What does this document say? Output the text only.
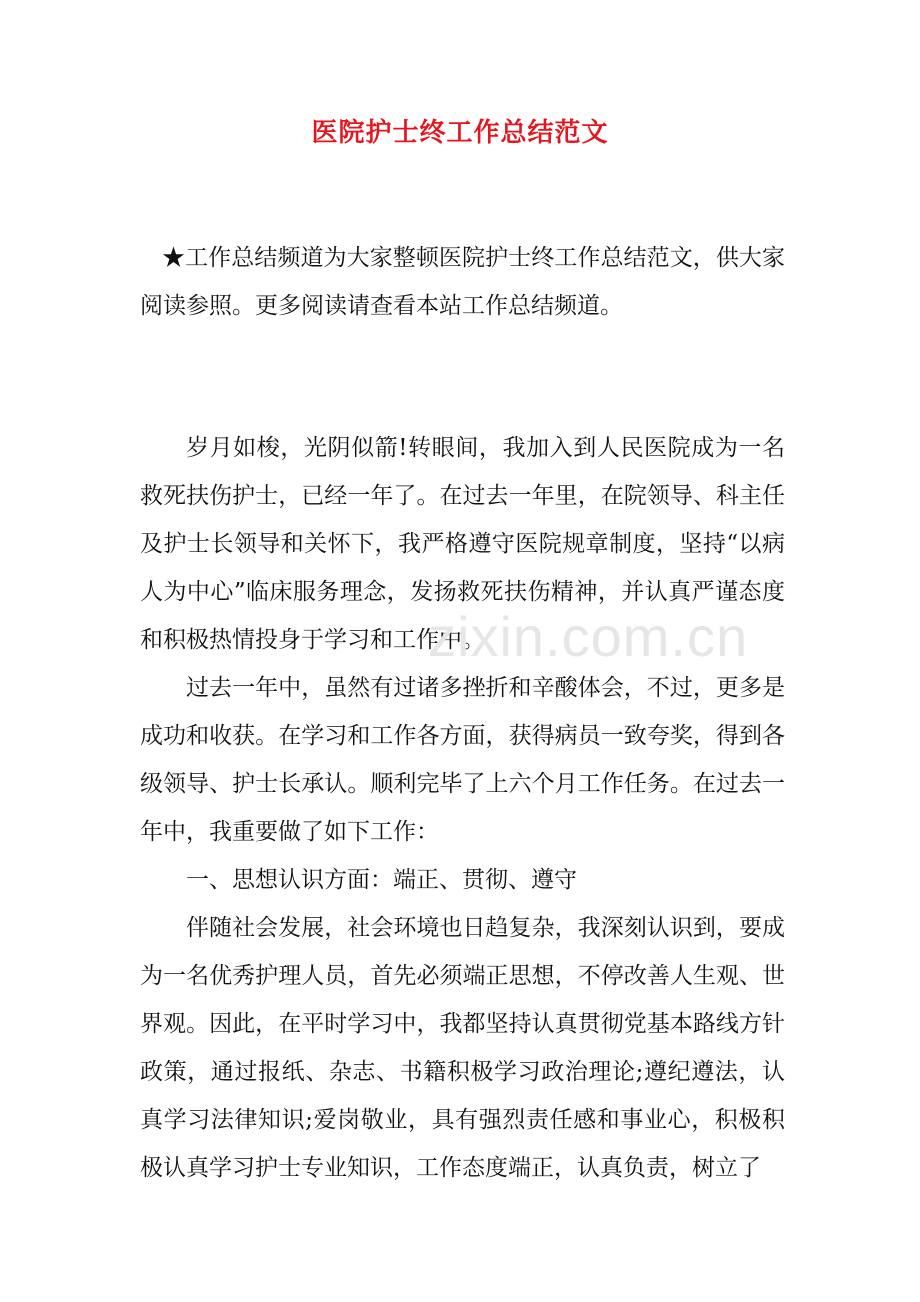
医院护士终工作总结范文
★工作总结频道为大家整顿医院护士终工作总结范文，供大家阅读参照。更多阅读请查看本站工作总结频道。

岁月如梭，光阴似箭!转眼间，我加入到人民医院成为一名救死扶伤护士，已经一年了。在过去一年里，在院领导、科主任及护士长领导和关怀下，我严格遵守医院规章制度，坚持“以病人为中心”临床服务理念，发扬救死扶伤精神，并认真严谨态度和积极热情投身于学习和工作中。

过去一年中，虽然有过诸多挫折和辛酸体会，不过，更多是成功和收获。在学习和工作各方面，获得病员一致夸奖，得到各级领导、护士长承认。顺利完毕了上六个月工作任务。在过去一年中，我重要做了如下工作：

一、思想认识方面：端正、贯彻、遵守

伴随社会发展，社会环境也日趋复杂，我深刻认识到，要成为一名优秀护理人员，首先必须端正思想，不停改善人生观、世界观。因此，在平时学习中，我都坚持认真贯彻党基本路线方针政策，通过报纸、杂志、书籍积极学习政治理论;遵纪遵法，认真学习法律知识;爱岗敬业，具有强烈责任感和事业心，积极积极认真学习护士专业知识，工作态度端正，认真负责，树立了

zixin.com.cn
